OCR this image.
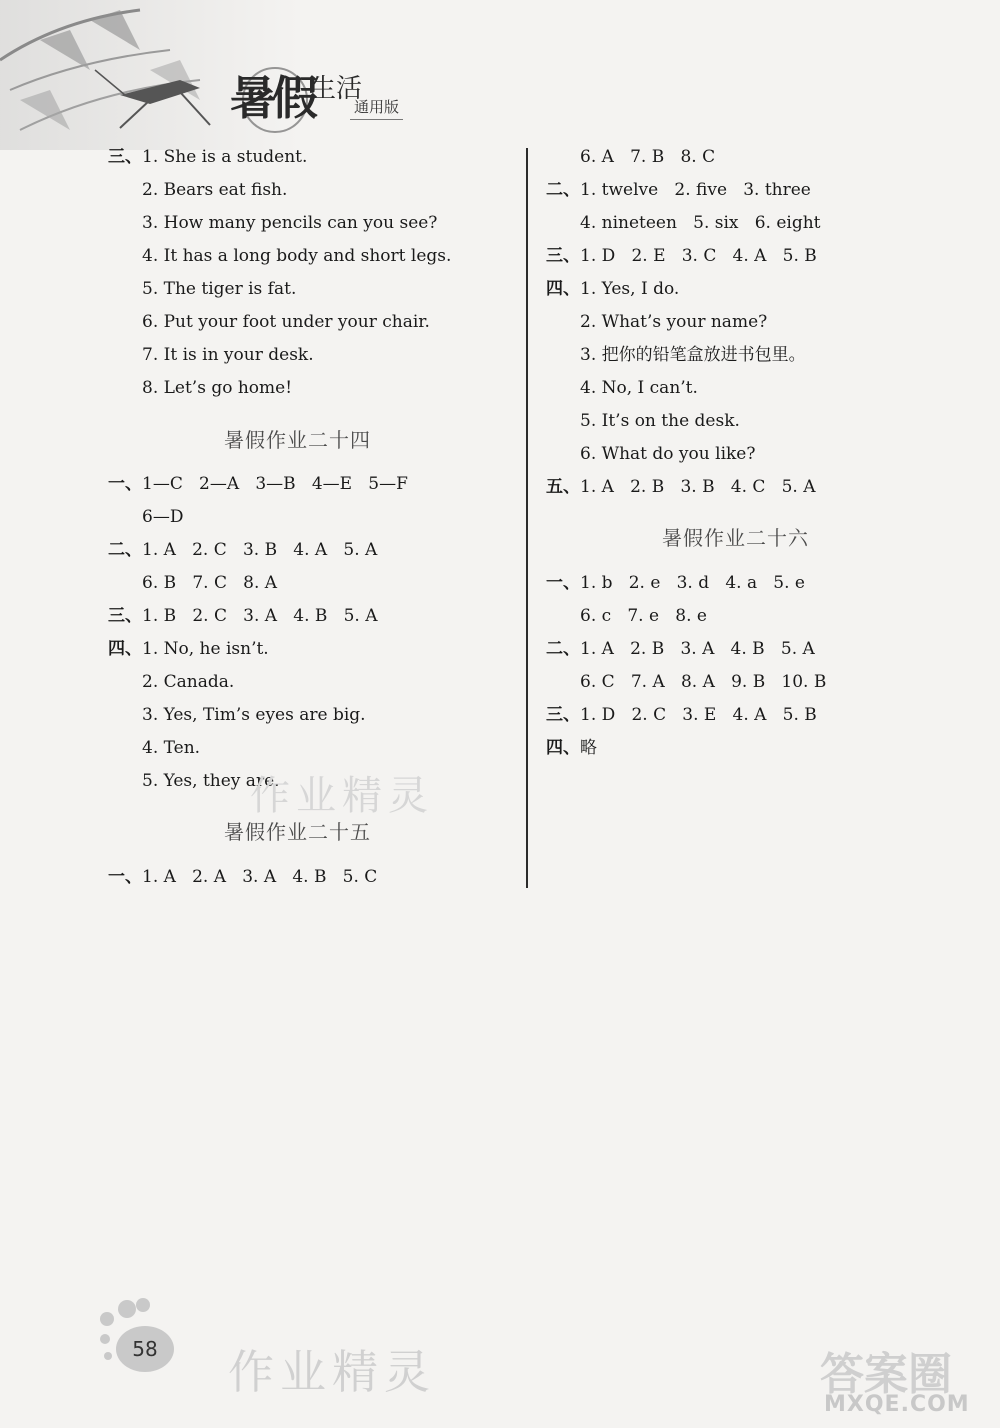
暑假
生活
通用版
三、1. She is a student.
2. Bears eat fish.
3. How many pencils can you see?
4. It has a long body and short legs.
5. The tiger is fat.
6. Put your foot under your chair.
7. It is in your desk.
8. Let’s go home!
暑假作业二十四
一、1—C   2—A   3—B   4—E   5—F
6—D
二、1. A   2. C   3. B   4. A   5. A
6. B   7. C   8. A
三、1. B   2. C   3. A   4. B   5. A
四、1. No, he isn’t.
2. Canada.
3. Yes, Tim’s eyes are big.
4. Ten.
5. Yes, they are.
暑假作业二十五
一、1. A   2. A   3. A   4. B   5. C
6. A   7. B   8. C
二、1. twelve   2. five   3. three
4. nineteen   5. six   6. eight
三、1. D   2. E   3. C   4. A   5. B
四、1. Yes, I do.
2. What’s your name?
3. 把你的铅笔盒放进书包里。
4. No, I can’t.
5. It’s on the desk.
6. What do you like?
五、1. A   2. B   3. B   4. C   5. A
暑假作业二十六
一、1. b   2. e   3. d   4. a   5. e
6. c   7. e   8. e
二、1. A   2. B   3. A   4. B   5. A
6. C   7. A   8. A   9. B   10. B
三、1. D   2. C   3. E   4. A   5. B
四、略
作业精灵
58	作业精灵	答案圈
MXQE.COM
